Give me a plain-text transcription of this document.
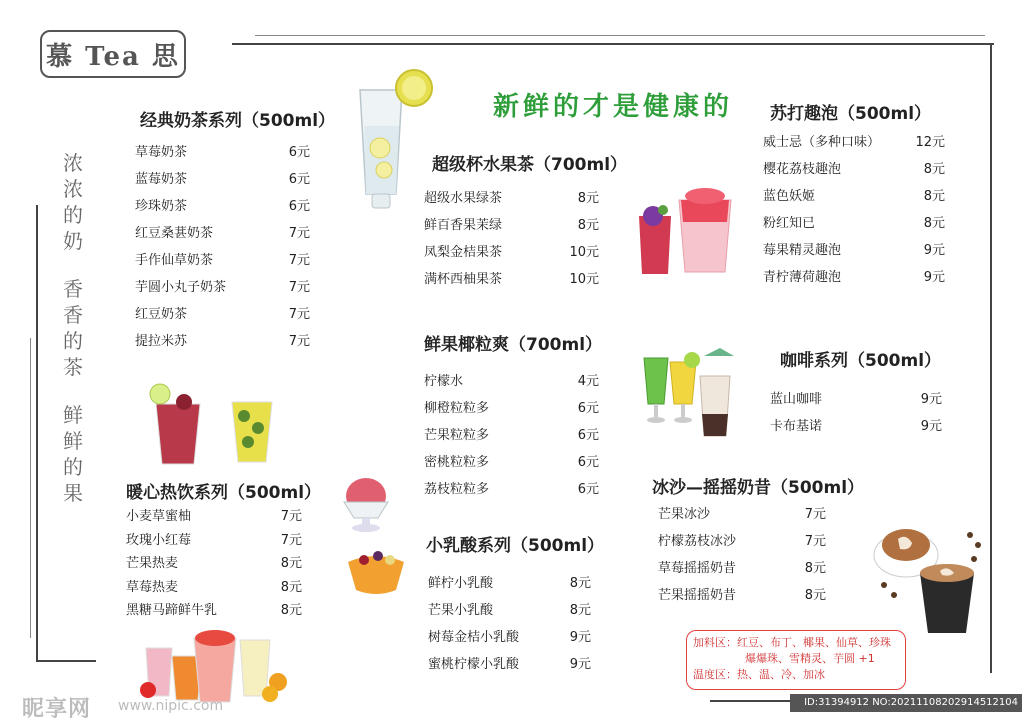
慕 Tea 思
新鲜的才是健康的
浓浓的奶
香香的茶
鲜鲜的果
经典奶茶系列（500ml）
草莓奶茶	6元
蓝莓奶茶	6元
珍珠奶茶	6元
红豆桑葚奶茶	7元
手作仙草奶茶	7元
芋圆小丸子奶茶	7元
红豆奶茶	7元
提拉米苏	7元
暖心热饮系列（500ml）
小麦草蜜柚	7元
玫瑰小红莓	7元
芒果热麦	8元
草莓热麦	8元
黑糖马蹄鲜牛乳	8元
超级杯水果茶（700ml）
超级水果绿茶	8元
鲜百香果茉绿	8元
凤梨金桔果茶	10元
满杯西柚果茶	10元
鲜果椰粒爽（700ml）
柠檬水	4元
柳橙粒粒多	6元
芒果粒粒多	6元
密桃粒粒多	6元
荔枝粒粒多	6元
小乳酸系列（500ml）
鲜柠小乳酸	8元
芒果小乳酸	8元
树莓金桔小乳酸	9元
蜜桃柠檬小乳酸	9元
苏打趣泡（500ml）
威士忌（多种口味）	12元
樱花荔枝趣泡	8元
蓝色妖姬	8元
粉红知已	8元
莓果精灵趣泡	9元
青柠薄荷趣泡	9元
咖啡系列（500ml）
蓝山咖啡	9元
卡布基诺	9元
冰沙—摇摇奶昔（500ml）
芒果冰沙	7元
柠檬荔枝冰沙	7元
草莓摇摇奶昔	8元
芒果摇摇奶昔	8元
加料区：红豆、布丁、椰果、仙草、珍珠
爆爆珠、雪精灵、芋圆 +1
温度区：热、温、冷、加冰
昵享网 www.nipic.com	ID:31394912 NO:20211108202914512104
